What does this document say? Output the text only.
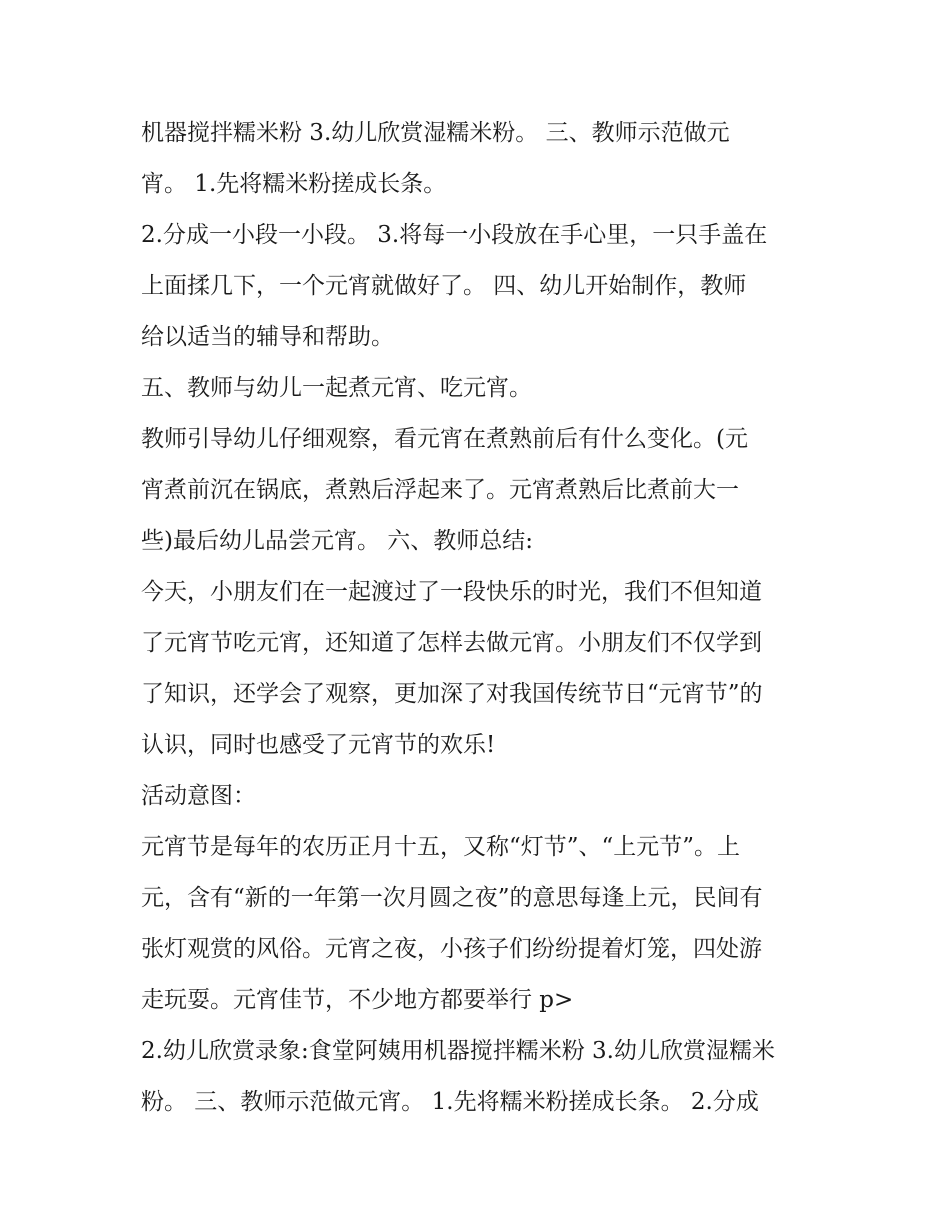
机器搅拌糯米粉 3.幼儿欣赏湿糯米粉。 三、教师示范做元
宵。 1.先将糯米粉搓成长条。
2.分成一小段一小段。 3.将每一小段放在手心里，一只手盖在
上面揉几下，一个元宵就做好了。 四、幼儿开始制作，教师
给以适当的辅导和帮助。
五、教师与幼儿一起煮元宵、吃元宵。
教师引导幼儿仔细观察，看元宵在煮熟前后有什么变化。(元
宵煮前沉在锅底，煮熟后浮起来了。元宵煮熟后比煮前大一
些)最后幼儿品尝元宵。 六、教师总结:
今天，小朋友们在一起渡过了一段快乐的时光，我们不但知道
了元宵节吃元宵，还知道了怎样去做元宵。小朋友们不仅学到
了知识，还学会了观察，更加深了对我国传统节日“元宵节”的
认识，同时也感受了元宵节的欢乐!
活动意图：
元宵节是每年的农历正月十五，又称“灯节”、“上元节”。上
元，含有“新的一年第一次月圆之夜”的意思每逢上元，民间有
张灯观赏的风俗。元宵之夜，小孩子们纷纷提着灯笼，四处游
走玩耍。元宵佳节，不少地方都要举行 p>
2.幼儿欣赏录象:食堂阿姨用机器搅拌糯米粉 3.幼儿欣赏湿糯米
粉。 三、教师示范做元宵。 1.先将糯米粉搓成长条。 2.分成
